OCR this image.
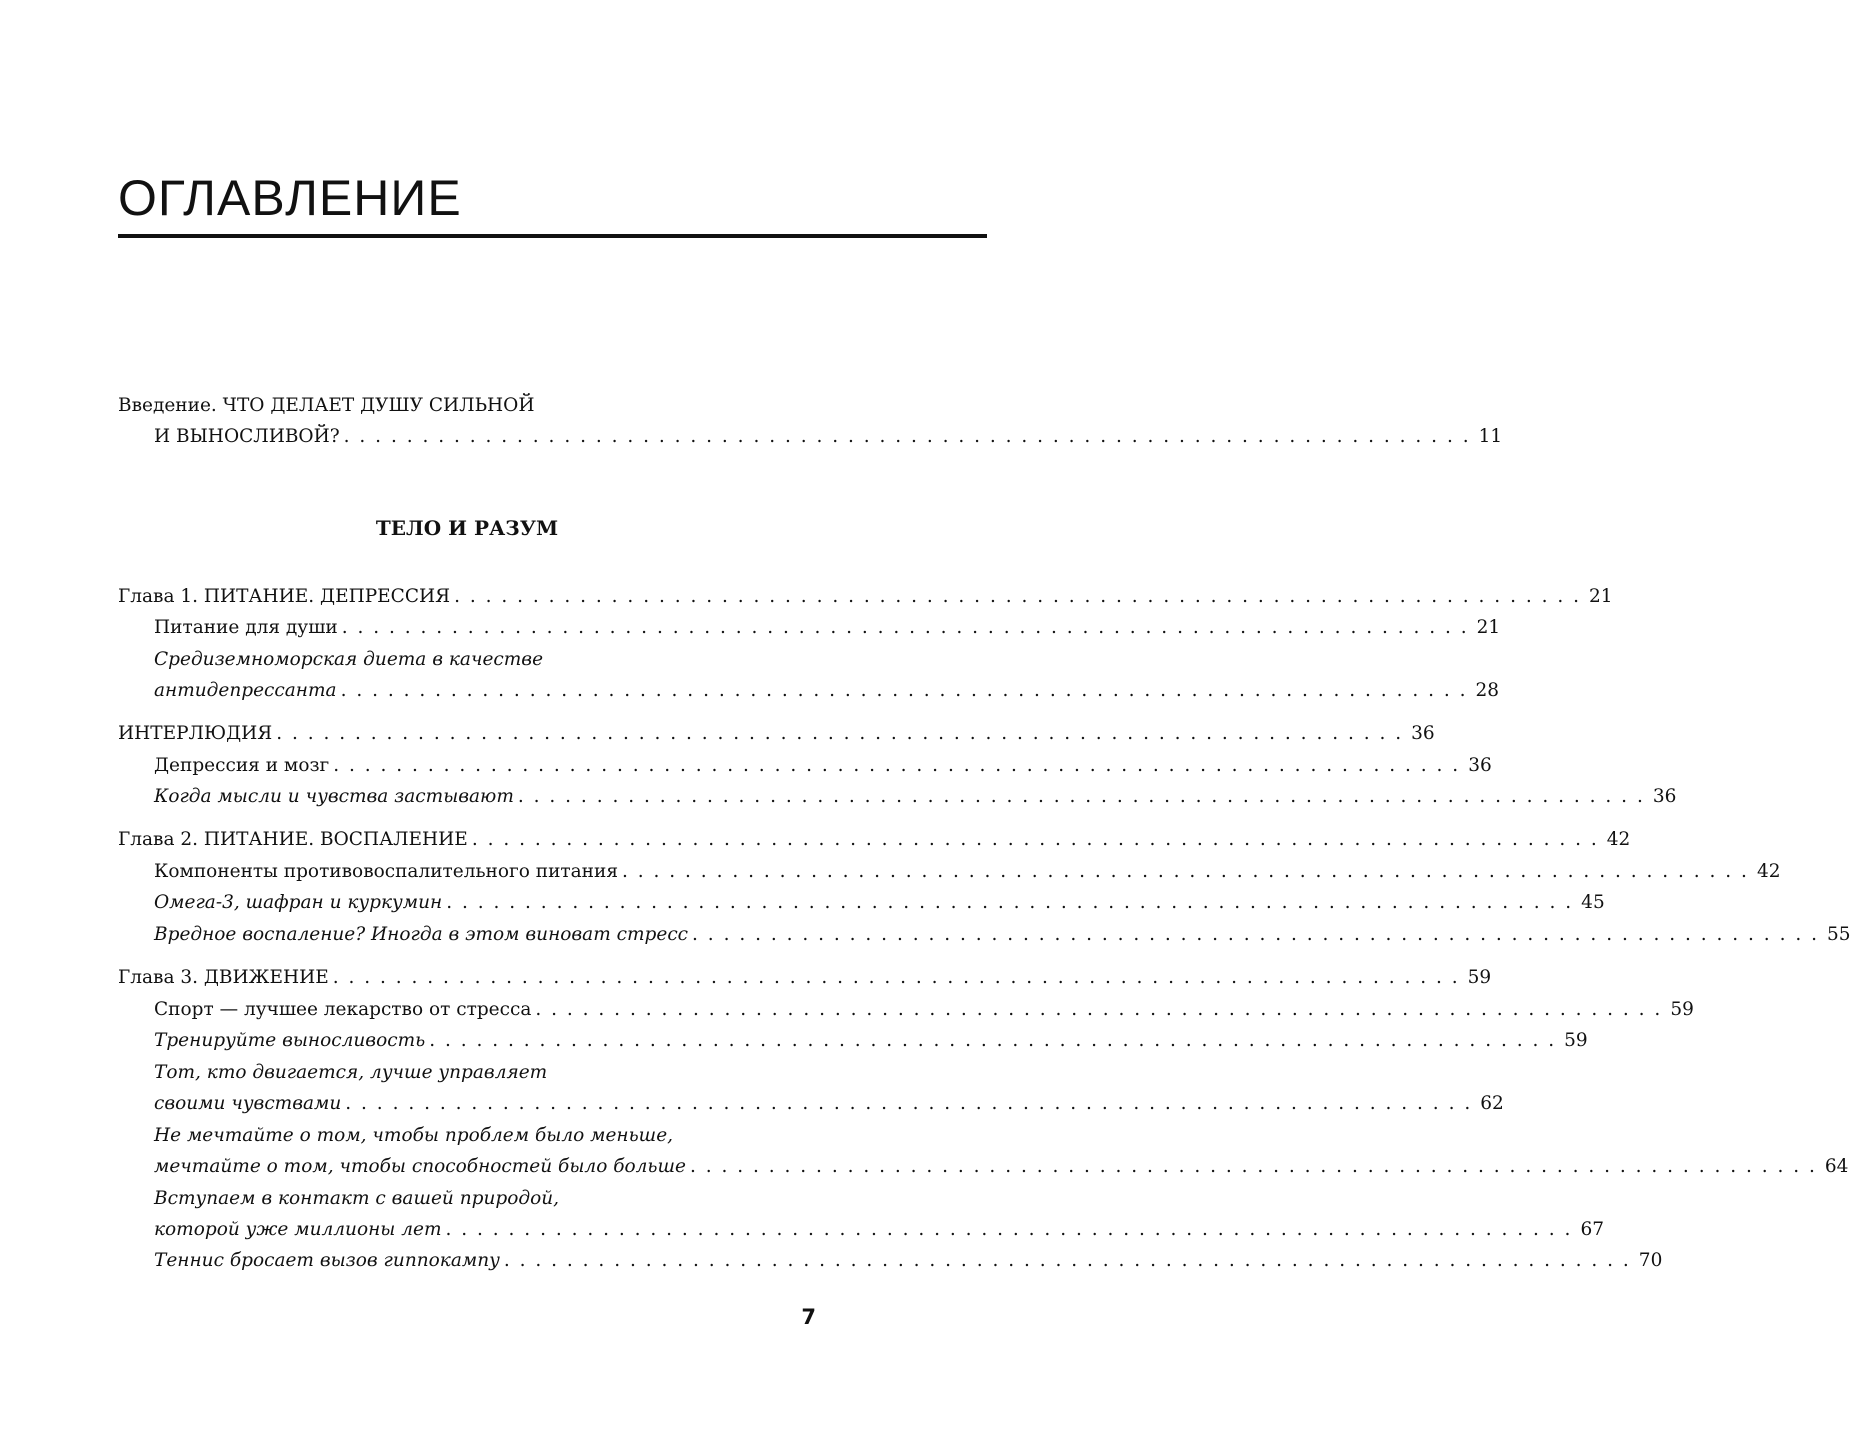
ОГЛАВЛЕНИЕ
Введение. ЧТО ДЕЛАЕТ ДУШУ СИЛЬНОЙ
И ВЫНОСЛИВОЙ? . . . . . . . . . . . . . . . . . . . . . . . . . . . . . . . . . . . . . . . . . . . . . . . . . . . . . . . . . . . . . . . . . . . . . . . . 11
ТЕЛО И РАЗУМ
Глава 1. ПИТАНИЕ. ДЕПРЕССИЯ . . . . . . . . . . . . . . . . . . . . . . . . . . . . . . . . . . . . . . . . . . . . . . . . . . . . . . . . . . . . . . . . . . . . . . . . 21
Питание для души . . . . . . . . . . . . . . . . . . . . . . . . . . . . . . . . . . . . . . . . . . . . . . . . . . . . . . . . . . . . . . . . . . . . . . . . 21
Средиземноморская диета в качестве
антидепрессанта . . . . . . . . . . . . . . . . . . . . . . . . . . . . . . . . . . . . . . . . . . . . . . . . . . . . . . . . . . . . . . . . . . . . . . . . 28
ИНТЕРЛЮДИЯ . . . . . . . . . . . . . . . . . . . . . . . . . . . . . . . . . . . . . . . . . . . . . . . . . . . . . . . . . . . . . . . . . . . . . . . . 36
Депрессия и мозг . . . . . . . . . . . . . . . . . . . . . . . . . . . . . . . . . . . . . . . . . . . . . . . . . . . . . . . . . . . . . . . . . . . . . . . . 36
Когда мысли и чувства застывают . . . . . . . . . . . . . . . . . . . . . . . . . . . . . . . . . . . . . . . . . . . . . . . . . . . . . . . . . . . . . . . . . . . . . . . . 36
Глава 2. ПИТАНИЕ. ВОСПАЛЕНИЕ . . . . . . . . . . . . . . . . . . . . . . . . . . . . . . . . . . . . . . . . . . . . . . . . . . . . . . . . . . . . . . . . . . . . . . . . 42
Компоненты противовоспалительного питания . . . . . . . . . . . . . . . . . . . . . . . . . . . . . . . . . . . . . . . . . . . . . . . . . . . . . . . . . . . . . . . . . . . . . . . . 42
Омега-3, шафран и куркумин . . . . . . . . . . . . . . . . . . . . . . . . . . . . . . . . . . . . . . . . . . . . . . . . . . . . . . . . . . . . . . . . . . . . . . . . 45
Вредное воспаление? Иногда в этом виноват стресс . . . . . . . . . . . . . . . . . . . . . . . . . . . . . . . . . . . . . . . . . . . . . . . . . . . . . . . . . . . . . . . . . . . . . . . . 55
Глава 3. ДВИЖЕНИЕ . . . . . . . . . . . . . . . . . . . . . . . . . . . . . . . . . . . . . . . . . . . . . . . . . . . . . . . . . . . . . . . . . . . . . . . . 59
Спорт — лучшее лекарство от стресса . . . . . . . . . . . . . . . . . . . . . . . . . . . . . . . . . . . . . . . . . . . . . . . . . . . . . . . . . . . . . . . . . . . . . . . . 59
Тренируйте выносливость . . . . . . . . . . . . . . . . . . . . . . . . . . . . . . . . . . . . . . . . . . . . . . . . . . . . . . . . . . . . . . . . . . . . . . . . 59
Тот, кто двигается, лучше управляет
своими чувствами . . . . . . . . . . . . . . . . . . . . . . . . . . . . . . . . . . . . . . . . . . . . . . . . . . . . . . . . . . . . . . . . . . . . . . . . 62
Не мечтайте о том, чтобы проблем было меньше,
мечтайте о том, чтобы способностей было больше . . . . . . . . . . . . . . . . . . . . . . . . . . . . . . . . . . . . . . . . . . . . . . . . . . . . . . . . . . . . . . . . . . . . . . . . 64
Вступаем в контакт с вашей природой,
которой уже миллионы лет . . . . . . . . . . . . . . . . . . . . . . . . . . . . . . . . . . . . . . . . . . . . . . . . . . . . . . . . . . . . . . . . . . . . . . . . 67
Теннис бросает вызов гиппокампу . . . . . . . . . . . . . . . . . . . . . . . . . . . . . . . . . . . . . . . . . . . . . . . . . . . . . . . . . . . . . . . . . . . . . . . . 70
7
